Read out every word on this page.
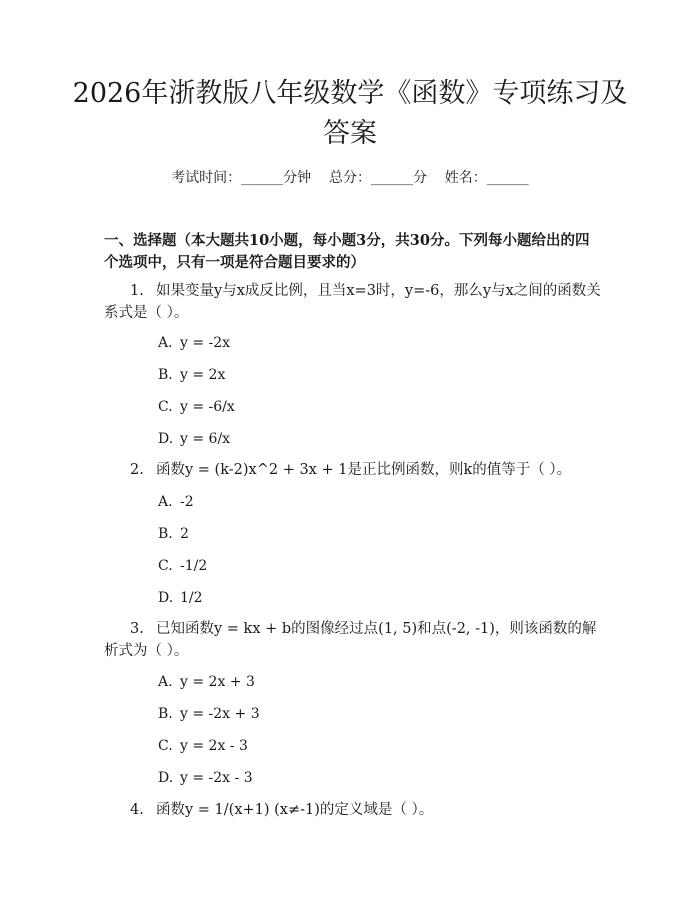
2026年浙教版八年级数学《函数》专项练习及答案
考试时间：______分钟    总分：______分    姓名：______
一、选择题（本大题共10小题，每小题3分，共30分。下列每小题给出的四个选项中，只有一项是符合题目要求的）
1. 如果变量y与x成反比例，且当x=3时，y=-6，那么y与x之间的函数关系式是（ ）。
A. y = -2x
B. y = 2x
C. y = -6/x
D. y = 6/x
2. 函数y = (k-2)x^2 + 3x + 1是正比例函数，则k的值等于（ ）。
A. -2
B. 2
C. -1/2
D. 1/2
3. 已知函数y = kx + b的图像经过点(1, 5)和点(-2, -1)，则该函数的解析式为（ ）。
A. y = 2x + 3
B. y = -2x + 3
C. y = 2x - 3
D. y = -2x - 3
4. 函数y = 1/(x+1) (x≠-1)的定义域是（ ）。
